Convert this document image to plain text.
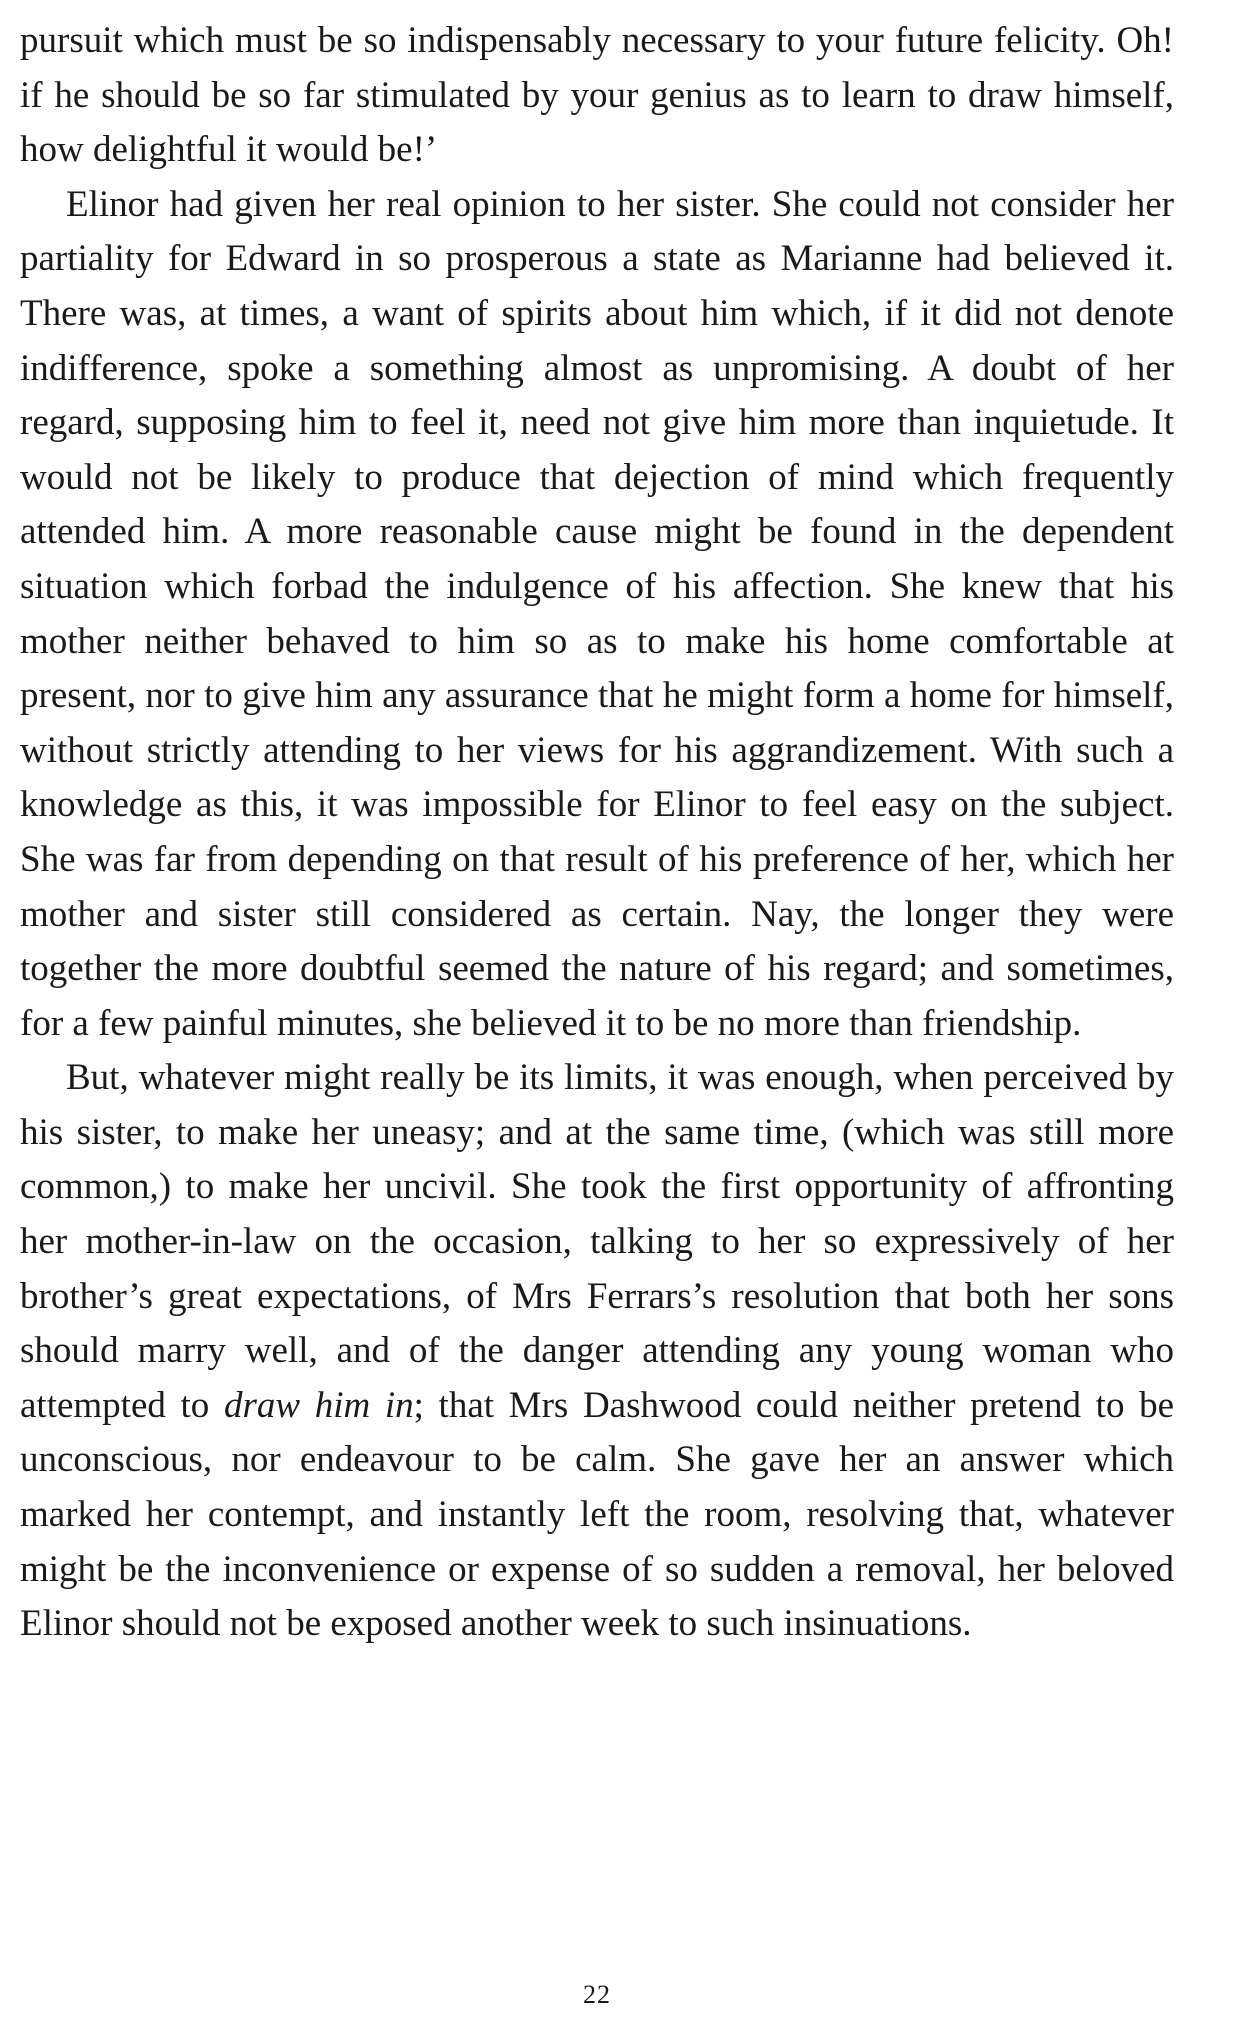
pursuit which must be so indispensably necessary to your future felicity. Oh! if he should be so far stimulated by your genius as to learn to draw himself, how delightful it would be!’

Elinor had given her real opinion to her sister. She could not consider her partiality for Edward in so prosperous a state as Marianne had believed it. There was, at times, a want of spirits about him which, if it did not denote indifference, spoke a something almost as unpromising. A doubt of her regard, supposing him to feel it, need not give him more than inquietude. It would not be likely to produce that dejection of mind which frequently attended him. A more reasonable cause might be found in the dependent situation which forbad the indulgence of his affection. She knew that his mother neither behaved to him so as to make his home comfortable at present, nor to give him any assurance that he might form a home for himself, without strictly attending to her views for his aggrandizement. With such a knowledge as this, it was impossible for Elinor to feel easy on the subject. She was far from depending on that result of his preference of her, which her mother and sister still considered as certain. Nay, the longer they were together the more doubtful seemed the nature of his regard; and sometimes, for a few painful minutes, she believed it to be no more than friendship.

But, whatever might really be its limits, it was enough, when perceived by his sister, to make her uneasy; and at the same time, (which was still more common,) to make her uncivil. She took the first opportunity of affronting her mother-in-law on the occasion, talking to her so expressively of her brother’s great expectations, of Mrs Ferrars’s resolution that both her sons should marry well, and of the danger attending any young woman who attempted to draw him in; that Mrs Dashwood could neither pretend to be unconscious, nor endeavour to be calm. She gave her an answer which marked her contempt, and instantly left the room, resolving that, whatever might be the inconvenience or expense of so sudden a removal, her beloved Elinor should not be exposed another week to such insinuations.

22
